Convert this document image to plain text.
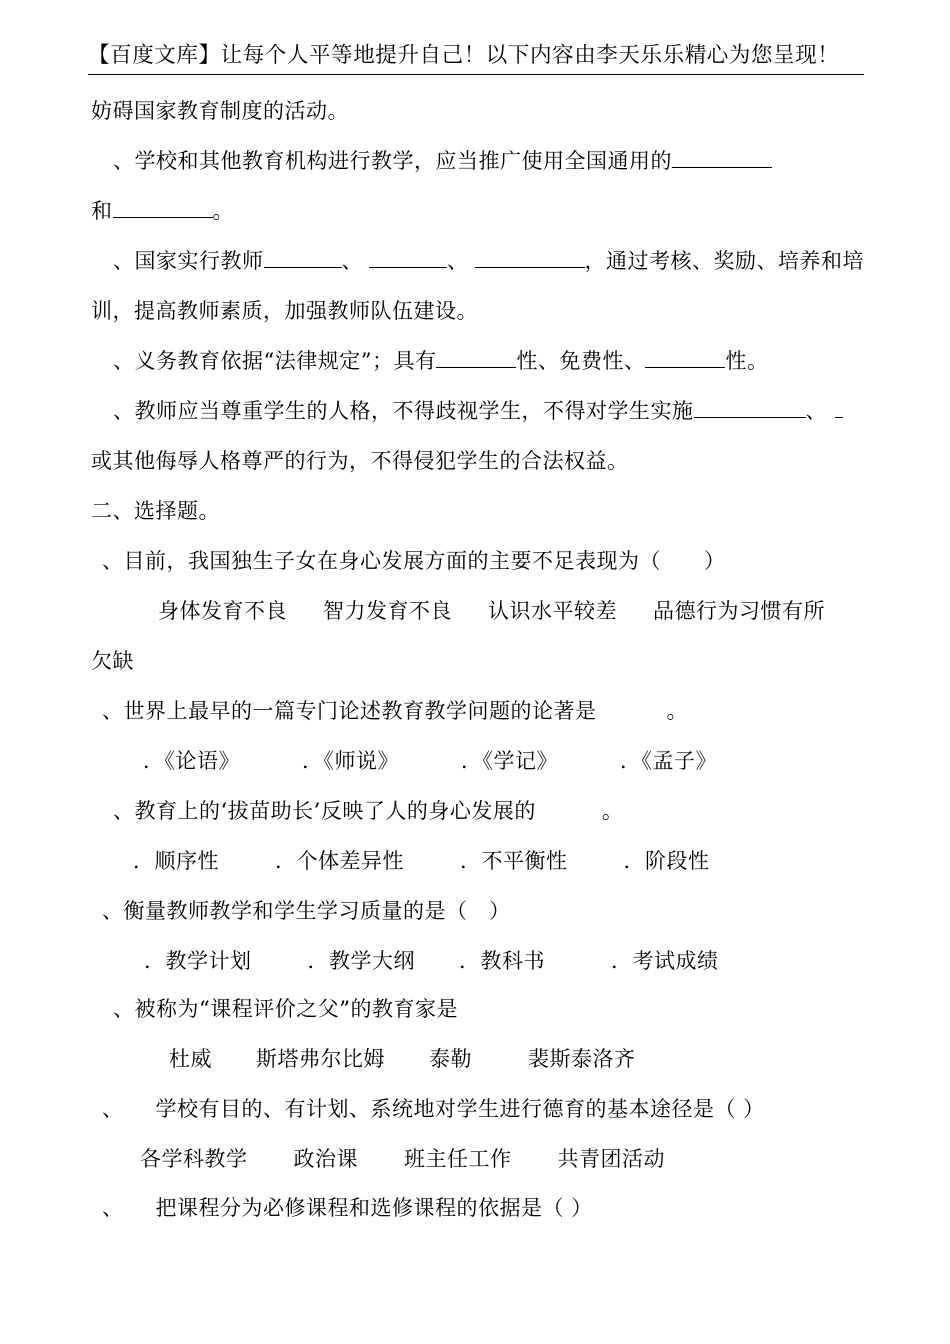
【百度文库】让每个人平等地提升自己！以下内容由李天乐乐精心为您呈现！
妨碍国家教育制度的活动。
、学校和其他教育机构进行教学，应当推广使用全国通用的
和	。
、国家实行教师	、	、	，通过考核、奖励、培养和培
训，提高教师素质，加强教师队伍建设。
、义务教育依据“法律规定”；具有	性、免费性、	性。
、教师应当尊重学生的人格，不得歧视学生，不得对学生实施	、
或其他侮辱人格尊严的行为，不得侵犯学生的合法权益。
二、选择题。
、目前，我国独生子女在身心发展方面的主要不足表现为（　　）
身体发育不良 智力发育不良 认识水平较差 品德行为习惯有所
欠缺
、世界上最早的一篇专门论述教育教学问题的论著是	。
．《论语》	．《师说》	．《学记》	．《孟子》
、教育上的‘拔苗助长’反映了人的身心发展的	。
．顺序性	．个体差异性	．不平衡性	．阶段性
、衡量教师教学和学生学习质量的是（　）
．教学计划	．教学大纲 ．教科书	．考试成绩
、被称为“课程评价之父”的教育家是
杜威 斯塔弗尔比姆 泰勒	裴斯泰洛齐
、 学校有目的、有计划、系统地对学生进行德育的基本途径是（ ）
各学科教学 政治课 班主任工作 共青团活动
、 把课程分为必修课程和选修课程的依据是（ ）
